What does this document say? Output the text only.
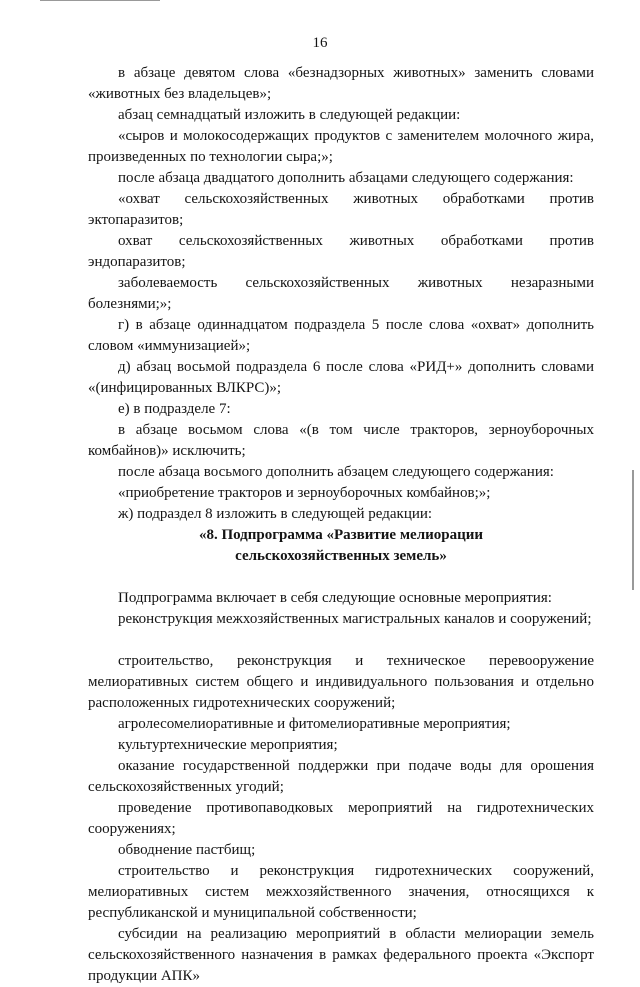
16

в абзаце девятом слова «безнадзорных животных» заменить словами «животных без владельцев»;

абзац семнадцатый изложить в следующей редакции:

«сыров и молокосодержащих продуктов с заменителем молочного жира, произведенных по технологии сыра;»;

после абзаца двадцатого дополнить абзацами следующего содержания:

«охват сельскохозяйственных животных обработками против эктопаразитов;

охват сельскохозяйственных животных обработками против эндопаразитов;

заболеваемость сельскохозяйственных животных незаразными болезнями;»;

г) в абзаце одиннадцатом подраздела 5 после слова «охват» дополнить словом «иммунизацией»;

д) абзац восьмой подраздела 6 после слова «РИД+» дополнить словами «(инфицированных ВЛКРС)»;

е) в подразделе 7:

в абзаце восьмом слова «(в том числе тракторов, зерноуборочных комбайнов)» исключить;

после абзаца восьмого дополнить абзацем следующего содержания:

«приобретение тракторов и зерноуборочных комбайнов;»;

ж) подраздел 8 изложить в следующей редакции:

«8. Подпрограмма «Развитие мелиорации

сельскохозяйственных земель»

Подпрограмма включает в себя следующие основные мероприятия:

реконструкция межхозяйственных магистральных каналов и сооружений;

строительство, реконструкция и техническое перевооружение мелиоративных систем общего и индивидуального пользования и отдельно расположенных гидротехнических сооружений;

агролесомелиоративные и фитомелиоративные мероприятия;

культуртехнические мероприятия;

оказание государственной поддержки при подаче воды для орошения сельскохозяйственных угодий;

проведение противопаводковых мероприятий на гидротехнических сооружениях;

обводнение пастбищ;

строительство и реконструкция гидротехнических сооружений, мелиоративных систем межхозяйственного значения, относящихся к республиканской и муниципальной собственности;

субсидии на реализацию мероприятий в области мелиорации земель сельскохозяйственного назначения в рамках федерального проекта «Экспорт продукции АПК»
